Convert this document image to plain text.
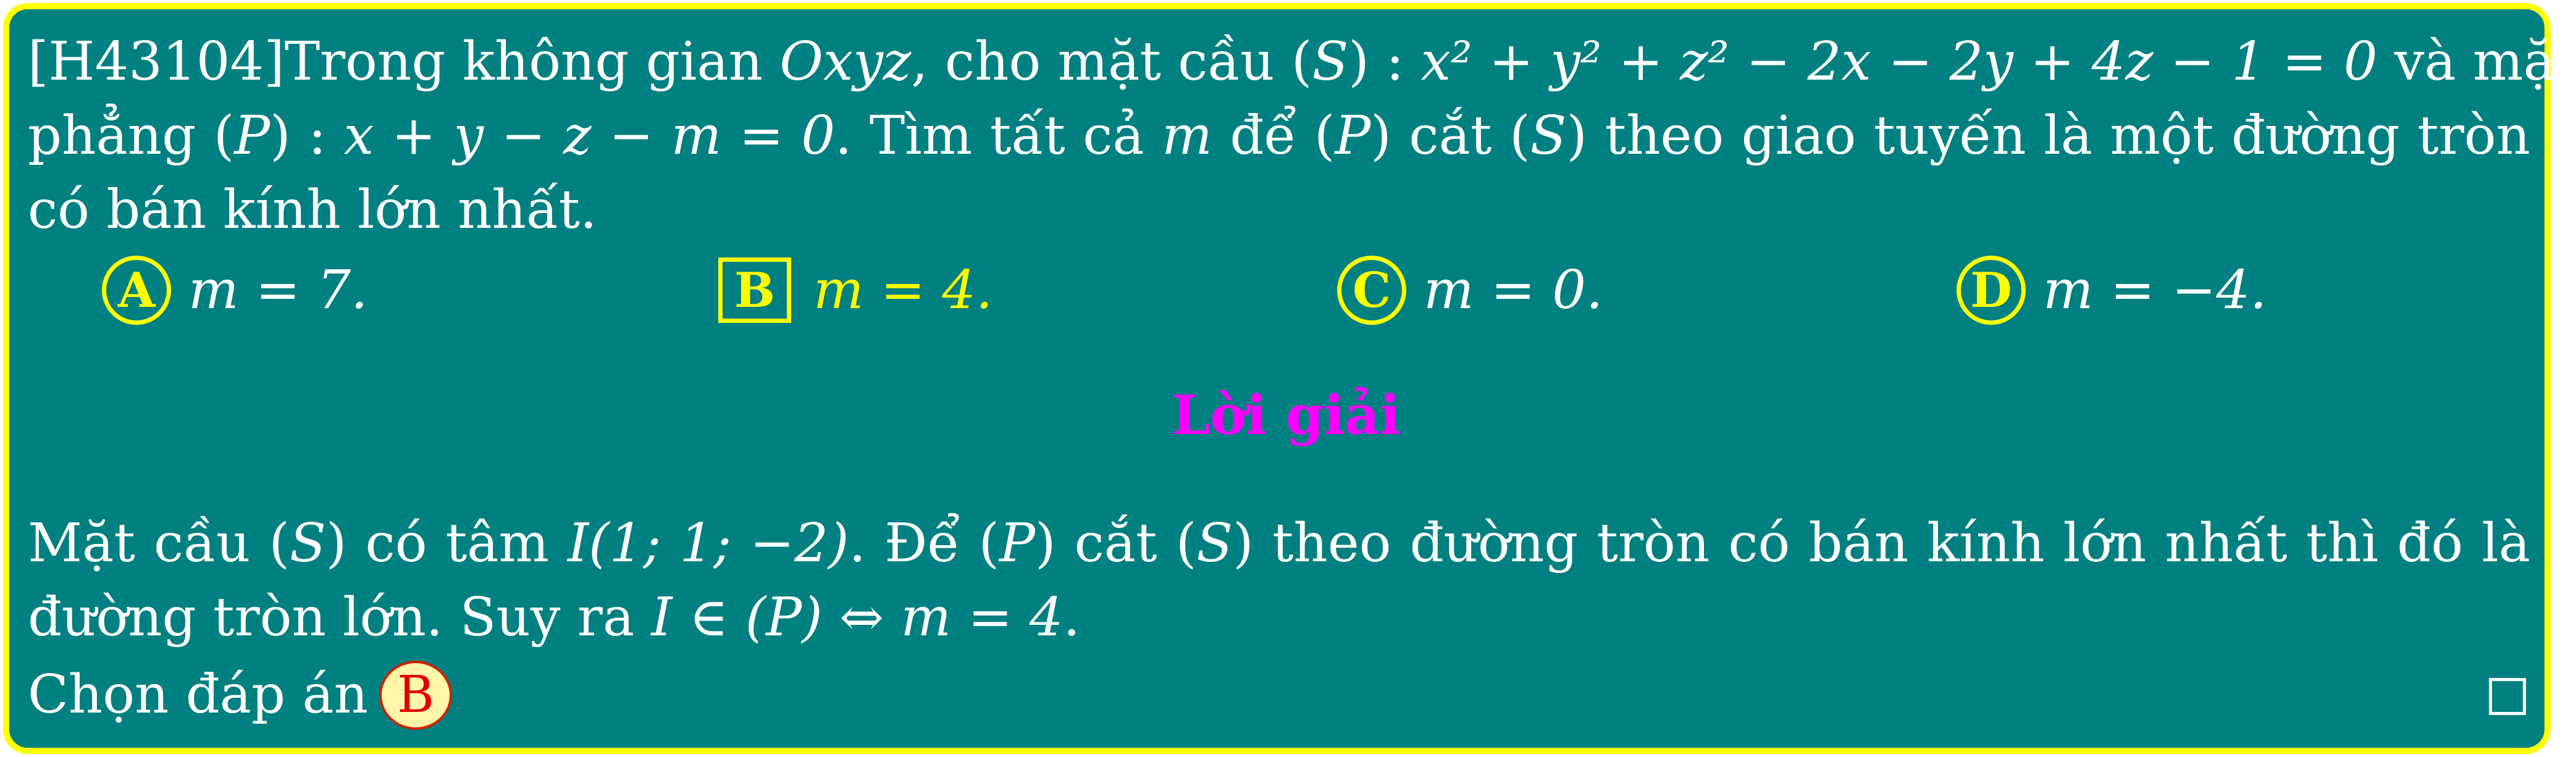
[H43104]Trong không gian Oxyz, cho mặt cầu (S) : x² + y² + z² − 2x − 2y + 4z − 1 = 0 và mặt
phẳng (P) : x + y − z − m = 0. Tìm tất cả m để (P) cắt (S) theo giao tuyến là một đường tròn
có bán kính lớn nhất.
A m = 7.	B m = 4.	C m = 0.	D m = −4.
Lời giải
Mặt cầu (S) có tâm I(1; 1; −2). Để (P) cắt (S) theo đường tròn có bán kính lớn nhất thì đó là
đường tròn lớn. Suy ra I ∈ (P) ⇔ m = 4.
Chọn đáp án B
